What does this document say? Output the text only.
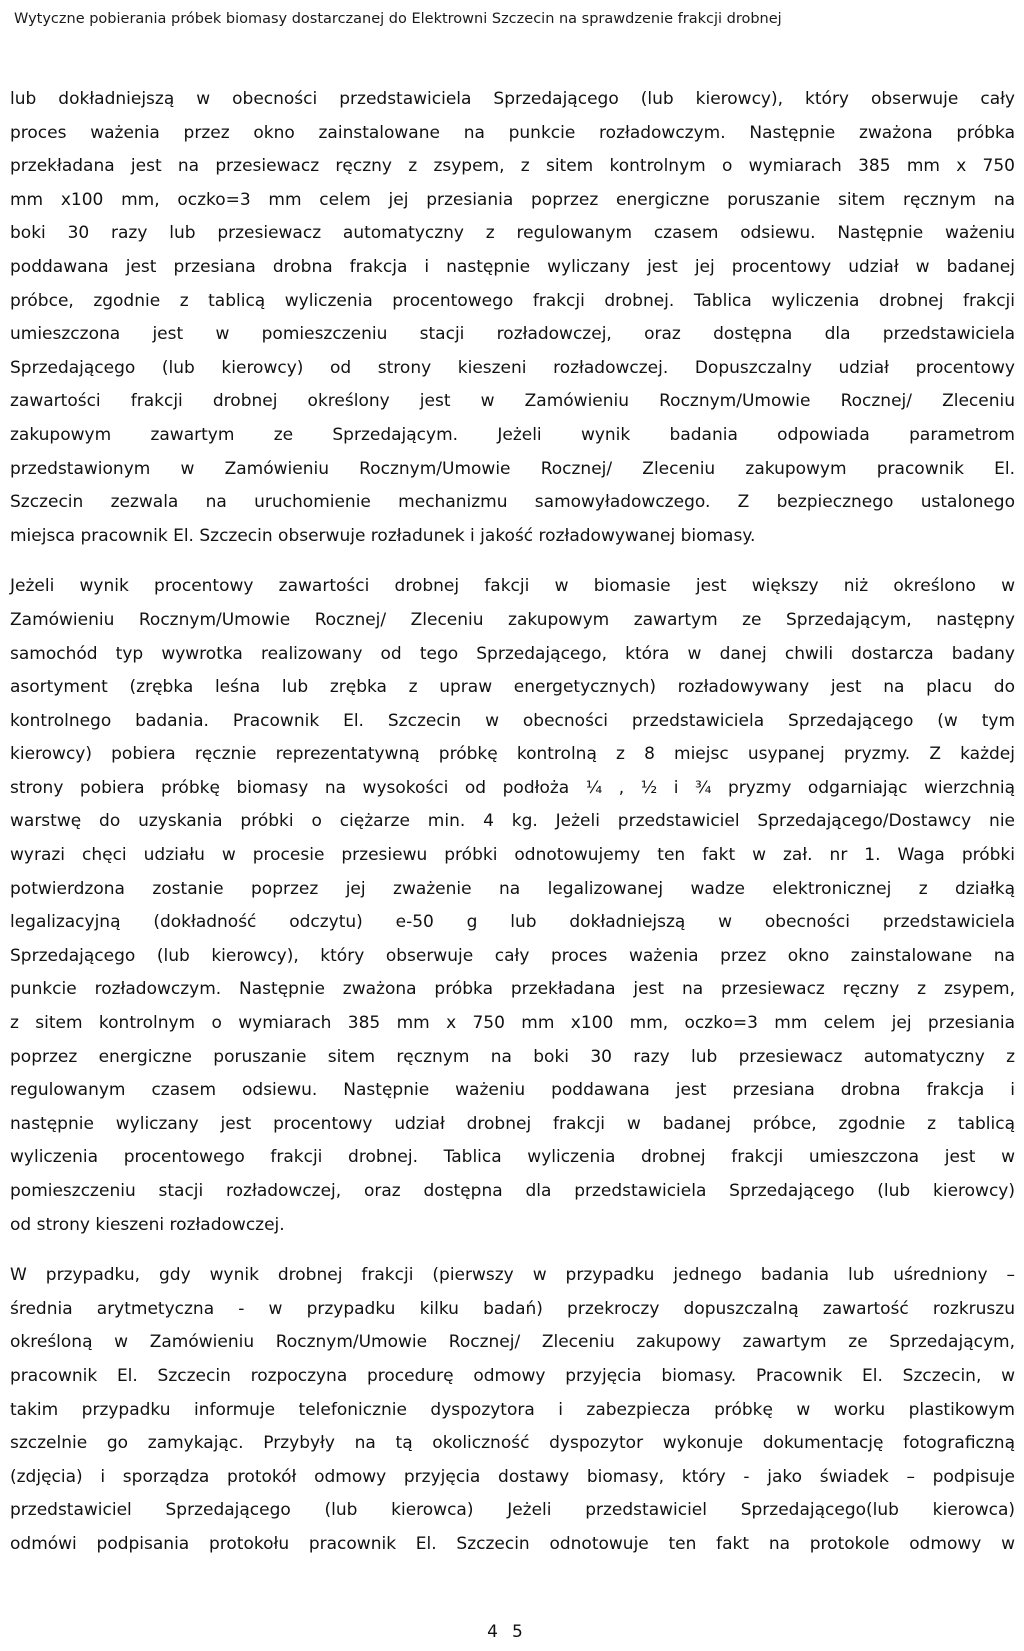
Wytyczne pobierania próbek biomasy dostarczanej do Elektrowni Szczecin na sprawdzenie frakcji drobnej

lub dokładniejszą w obecności przedstawiciela Sprzedającego (lub kierowcy), który obserwuje cały
proces ważenia przez okno zainstalowane na punkcie rozładowczym. Następnie zważona próbka
przekładana jest na przesiewacz ręczny z zsypem, z sitem kontrolnym o wymiarach 385 mm x 750
mm x100 mm, oczko=3 mm celem jej przesiania poprzez energiczne poruszanie sitem ręcznym na
boki 30 razy lub przesiewacz automatyczny z regulowanym czasem odsiewu. Następnie ważeniu
poddawana jest przesiana drobna frakcja i następnie wyliczany jest jej procentowy udział w badanej
próbce, zgodnie z tablicą wyliczenia procentowego frakcji drobnej. Tablica wyliczenia drobnej frakcji
umieszczona jest w pomieszczeniu stacji rozładowczej, oraz dostępna dla przedstawiciela
Sprzedającego (lub kierowcy) od strony kieszeni rozładowczej. Dopuszczalny udział procentowy
zawartości frakcji drobnej określony jest w Zamówieniu Rocznym/Umowie Rocznej/ Zleceniu
zakupowym zawartym ze Sprzedającym. Jeżeli wynik badania odpowiada parametrom
przedstawionym w Zamówieniu Rocznym/Umowie Rocznej/ Zleceniu zakupowym pracownik El.
Szczecin zezwala na uruchomienie mechanizmu samowyładowczego. Z bezpiecznego ustalonego
miejsca pracownik El. Szczecin obserwuje rozładunek i jakość rozładowywanej biomasy.

Jeżeli wynik procentowy zawartości drobnej fakcji w biomasie jest większy niż określono w
Zamówieniu Rocznym/Umowie Rocznej/ Zleceniu zakupowym zawartym ze Sprzedającym, następny
samochód typ wywrotka realizowany od tego Sprzedającego, która w danej chwili dostarcza badany
asortyment (zrębka leśna lub zrębka z upraw energetycznych) rozładowywany jest na placu do
kontrolnego badania. Pracownik El. Szczecin w obecności przedstawiciela Sprzedającego (w tym
kierowcy) pobiera ręcznie reprezentatywną próbkę kontrolną z 8 miejsc usypanej pryzmy. Z każdej
strony pobiera próbkę biomasy na wysokości od podłoża ¼ , ½ i ¾ pryzmy odgarniając wierzchnią
warstwę do uzyskania próbki o ciężarze min. 4 kg. Jeżeli przedstawiciel Sprzedającego/Dostawcy nie
wyrazi chęci udziału w procesie przesiewu próbki odnotowujemy ten fakt w zał. nr 1. Waga próbki
potwierdzona zostanie poprzez jej zważenie na legalizowanej wadze elektronicznej z działką
legalizacyjną (dokładność odczytu) e-50 g lub dokładniejszą w obecności przedstawiciela
Sprzedającego (lub kierowcy), który obserwuje cały proces ważenia przez okno zainstalowane na
punkcie rozładowczym. Następnie zważona próbka przekładana jest na przesiewacz ręczny z zsypem,
z sitem kontrolnym o wymiarach 385 mm x 750 mm x100 mm, oczko=3 mm celem jej przesiania
poprzez energiczne poruszanie sitem ręcznym na boki 30 razy lub przesiewacz automatyczny z
regulowanym czasem odsiewu. Następnie ważeniu poddawana jest przesiana drobna frakcja i
następnie wyliczany jest procentowy udział drobnej frakcji w badanej próbce, zgodnie z tablicą
wyliczenia procentowego frakcji drobnej. Tablica wyliczenia drobnej frakcji umieszczona jest w
pomieszczeniu stacji rozładowczej, oraz dostępna dla przedstawiciela Sprzedającego (lub kierowcy)
od strony kieszeni rozładowczej.

W przypadku, gdy wynik drobnej frakcji (pierwszy w przypadku jednego badania lub uśredniony –
średnia arytmetyczna - w przypadku kilku badań) przekroczy dopuszczalną zawartość rozkruszu
określoną w Zamówieniu Rocznym/Umowie Rocznej/ Zleceniu zakupowy zawartym ze Sprzedającym,
pracownik El. Szczecin rozpoczyna procedurę odmowy przyjęcia biomasy. Pracownik El. Szczecin, w
takim przypadku informuje telefonicznie dyspozytora i zabezpiecza próbkę w worku plastikowym
szczelnie go zamykając. Przybyły na tą okoliczność dyspozytor wykonuje dokumentację fotograficzną
(zdjęcia) i sporządza protokół odmowy przyjęcia dostawy biomasy, który - jako świadek – podpisuje
przedstawiciel Sprzedającego (lub kierowca) Jeżeli przedstawiciel Sprzedającego(lub kierowca)
odmówi podpisania protokołu pracownik El. Szczecin odnotowuje ten fakt na protokole odmowy w

45
